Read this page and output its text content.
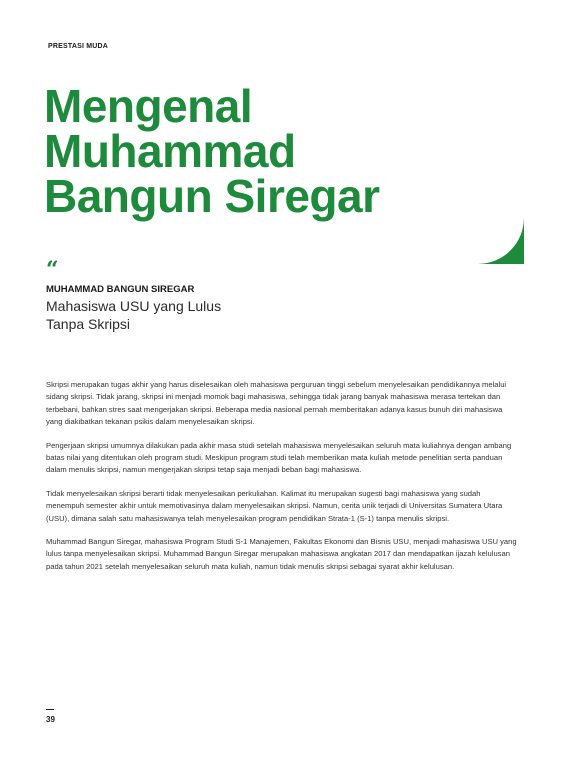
PRESTASI MUDA
Mengenal
Muhammad
Bangun Siregar
“
MUHAMMAD BANGUN SIREGAR
Mahasiswa USU yang Lulus
Tanpa Skripsi

Skripsi merupakan tugas akhir yang harus diselesaikan oleh mahasiswa perguruan tinggi sebelum menyelesaikan pendidikannya melalui sidang skripsi. Tidak jarang, skripsi ini menjadi momok bagi mahasiswa, sehingga tidak jarang banyak mahasiswa merasa tertekan dan terbebani, bahkan stres saat mengerjakan skripsi. Beberapa media nasional pernah memberitakan adanya kasus bunuh diri mahasiswa yang diakibatkan tekanan psikis dalam menyelesaikan skripsi.

Pengerjaan skripsi umumnya dilakukan pada akhir masa studi setelah mahasiswa menyelesaikan seluruh mata kuliahnya dengan ambang batas nilai yang ditentukan oleh program studi. Meskipun program studi telah memberikan mata kuliah metode penelitian serta panduan dalam menulis skripsi, namun mengerjakan skripsi tetap saja menjadi beban bagi mahasiswa.

Tidak menyelesaikan skripsi berarti tidak menyelesaikan perkuliahan. Kalimat itu merupakan sugesti bagi mahasiswa yang sudah menempuh semester akhir untuk memotivasinya dalam menyelesaikan skripsi. Namun, cerita unik terjadi di Universitas Sumatera Utara (USU), dimana salah satu mahasiswanya telah menyelesaikan program pendidikan Strata-1 (S-1) tanpa menulis skripsi.

Muhammad Bangun Siregar, mahasiswa Program Studi S-1 Manajemen, Fakultas Ekonomi dan Bisnis USU, menjadi mahasiswa USU yang lulus tanpa menyelesaikan skripsi. Muhammad Bangun Siregar merupakan mahasiswa angkatan 2017 dan mendapatkan ijazah kelulusan pada tahun 2021 setelah menyelesaikan seluruh mata kuliah, namun tidak menulis skripsi sebagai syarat akhir kelulusan.

39
